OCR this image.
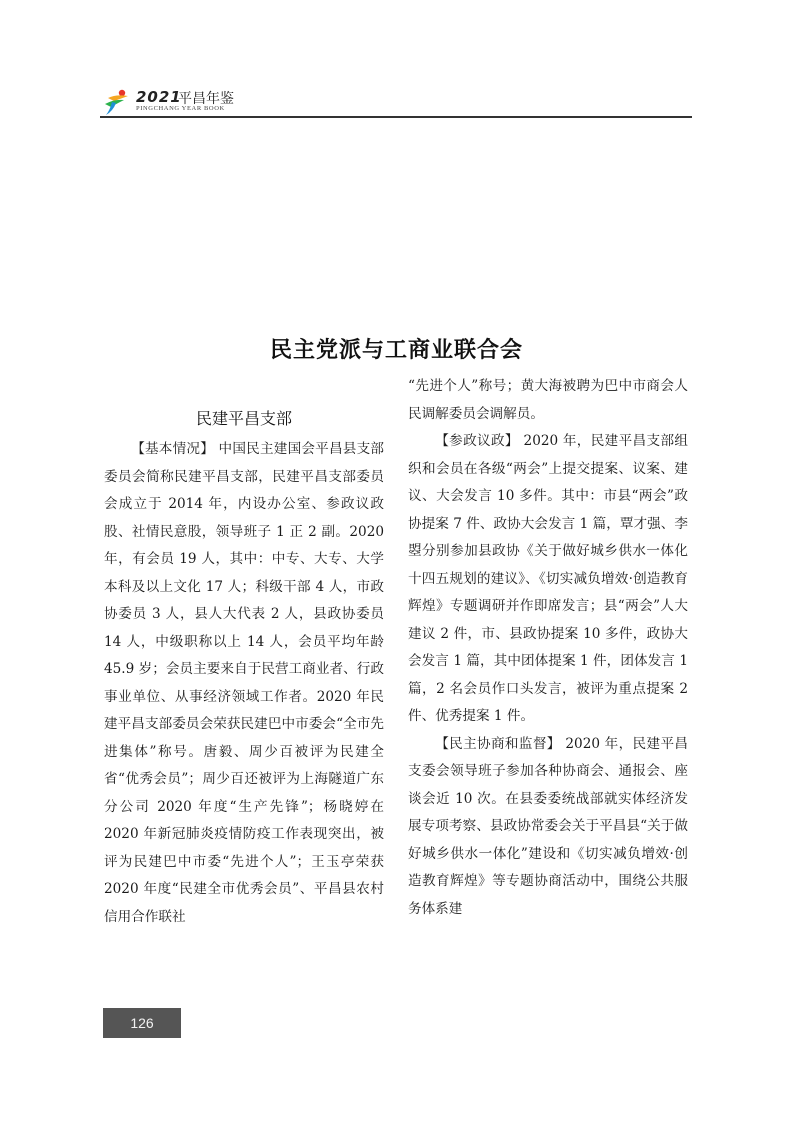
2021
平昌年鉴
PINGCHANG YEAR BOOK
民主党派与工商业联合会
民建平昌支部

【基本情况】 中国民主建国会平昌县支部委员会简称民建平昌支部，民建平昌支部委员会成立于 2014 年，内设办公室、参政议政股、社情民意股，领导班子 1 正 2 副。2020 年，有会员 19 人，其中：中专、大专、大学本科及以上文化 17 人；科级干部 4 人，市政协委员 3 人，县人大代表 2 人，县政协委员 14 人，中级职称以上 14 人，会员平均年龄 45.9 岁；会员主要来自于民营工商业者、行政事业单位、从事经济领域工作者。2020 年民建平昌支部委员会荣获民建巴中市委会“全市先进集体”称号。唐毅、周少百被评为民建全省“优秀会员”；周少百还被评为上海隧道广东分公司 2020 年度“生产先锋”；杨晓婷在 2020 年新冠肺炎疫情防疫工作表现突出，被评为民建巴中市委“先进个人”；王玉亭荣获 2020 年度“民建全市优秀会员”、平昌县农村信用合作联社

“先进个人”称号；黄大海被聘为巴中市商会人民调解委员会调解员。

【参政议政】 2020 年，民建平昌支部组织和会员在各级“两会”上提交提案、议案、建议、大会发言 10 多件。其中：市县“两会”政协提案 7 件、政协大会发言 1 篇，覃才强、李曌分别参加县政协《关于做好城乡供水一体化十四五规划的建议》、《切实减负增效·创造教育辉煌》专题调研并作即席发言；县“两会”人大建议 2 件，市、县政协提案 10 多件，政协大会发言 1 篇，其中团体提案 1 件，团体发言 1 篇，2 名会员作口头发言，被评为重点提案 2 件、优秀提案 1 件。

【民主协商和监督】 2020 年，民建平昌支委会领导班子参加各种协商会、通报会、座谈会近 10 次。在县委委统战部就实体经济发展专项考察、县政协常委会关于平昌县“关于做好城乡供水一体化”建设和《切实减负增效·创造教育辉煌》等专题协商活动中，围绕公共服务体系建

126
